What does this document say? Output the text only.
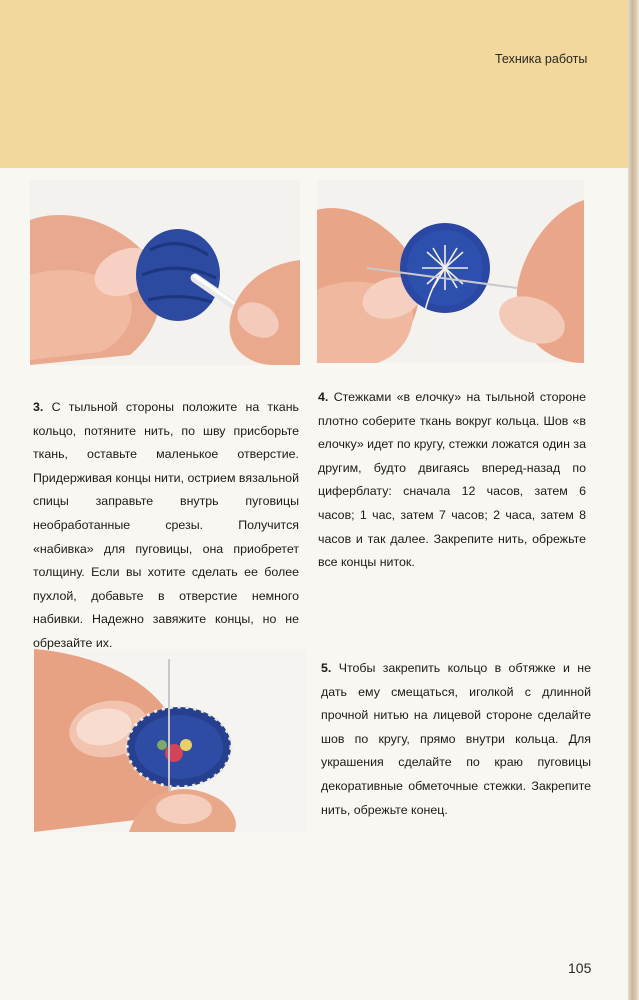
Техника работы
3. С тыльной стороны положите на ткань кольцо, потяните нить, по шву присборьте ткань, оставьте маленькое отверстие. Придерживая концы нити, острием вязальной спицы заправьте внутрь пуговицы необработанные срезы. Получится «набивка» для пуговицы, она приобретет толщину. Если вы хотите сделать ее более пухлой, добавьте в отверстие немного набивки. Надежно завяжите концы, но не обрезайте их.
4. Стежками «в елочку» на тыльной стороне плотно соберите ткань вокруг кольца. Шов «в елочку» идет по кругу, стежки ложатся один за другим, будто двигаясь вперед-назад по циферблату: сначала 12 часов, затем 6 часов; 1 час, затем 7 часов; 2 часа, затем 8 часов и так далее. Закрепите нить, обрежьте все концы ниток.
5. Чтобы закрепить кольцо в обтяжке и не дать ему смещаться, иголкой с длинной прочной нитью на лицевой стороне сделайте шов по кругу, прямо внутри кольца. Для украшения сделайте по краю пуговицы декоративные обметочные стежки. Закрепите нить, обрежьте конец.
105
